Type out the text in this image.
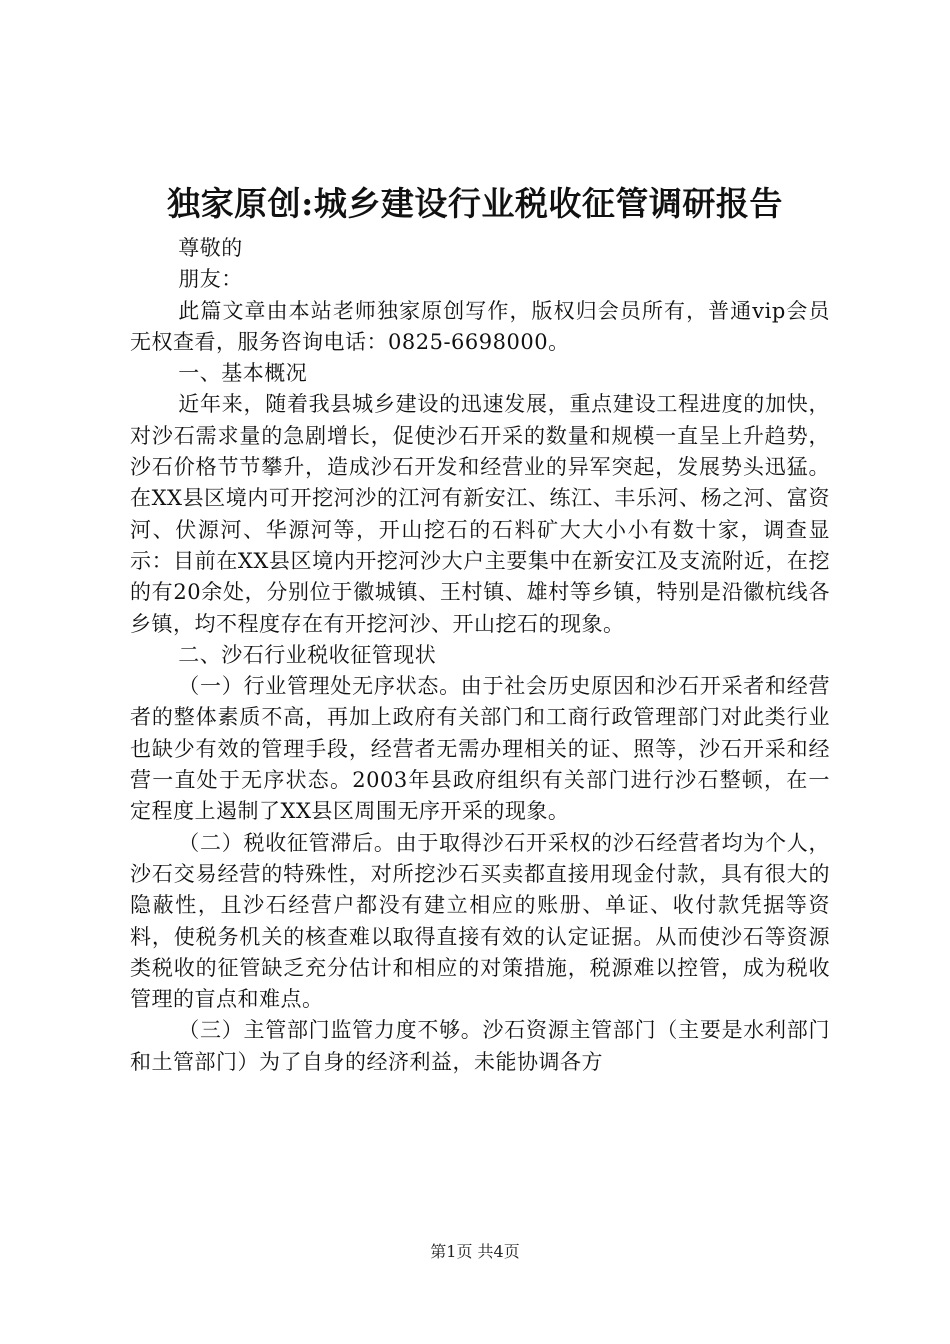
独家原创:城乡建设行业税收征管调研报告

尊敬的

朋友：

此篇文章由本站老师独家原创写作，版权归会员所有，普通vip会员无权查看，服务咨询电话：0825-6698000。

一、基本概况

近年来，随着我县城乡建设的迅速发展，重点建设工程进度的加快，对沙石需求量的急剧增长，促使沙石开采的数量和规模一直呈上升趋势，沙石价格节节攀升，造成沙石开发和经营业的异军突起，发展势头迅猛。在XX县区境内可开挖河沙的江河有新安江、练江、丰乐河、杨之河、富资河、伏源河、华源河等，开山挖石的石料矿大大小小有数十家，调查显示：目前在XX县区境内开挖河沙大户主要集中在新安江及支流附近，在挖的有20余处，分别位于徽城镇、王村镇、雄村等乡镇，特别是沿徽杭线各乡镇，均不程度存在有开挖河沙、开山挖石的现象。

二、沙石行业税收征管现状

（一）行业管理处无序状态。由于社会历史原因和沙石开采者和经营者的整体素质不高，再加上政府有关部门和工商行政管理部门对此类行业也缺少有效的管理手段，经营者无需办理相关的证、照等，沙石开采和经营一直处于无序状态。2003年县政府组织有关部门进行沙石整顿，在一定程度上遏制了XX县区周围无序开采的现象。

（二）税收征管滞后。由于取得沙石开采权的沙石经营者均为个人，沙石交易经营的特殊性，对所挖沙石买卖都直接用现金付款，具有很大的隐蔽性，且沙石经营户都没有建立相应的账册、单证、收付款凭据等资料，使税务机关的核查难以取得直接有效的认定证据。从而使沙石等资源类税收的征管缺乏充分估计和相应的对策措施，税源难以控管，成为税收管理的盲点和难点。

（三）主管部门监管力度不够。沙石资源主管部门（主要是水利部门和土管部门）为了自身的经济利益，未能协调各方

第1页 共4页
